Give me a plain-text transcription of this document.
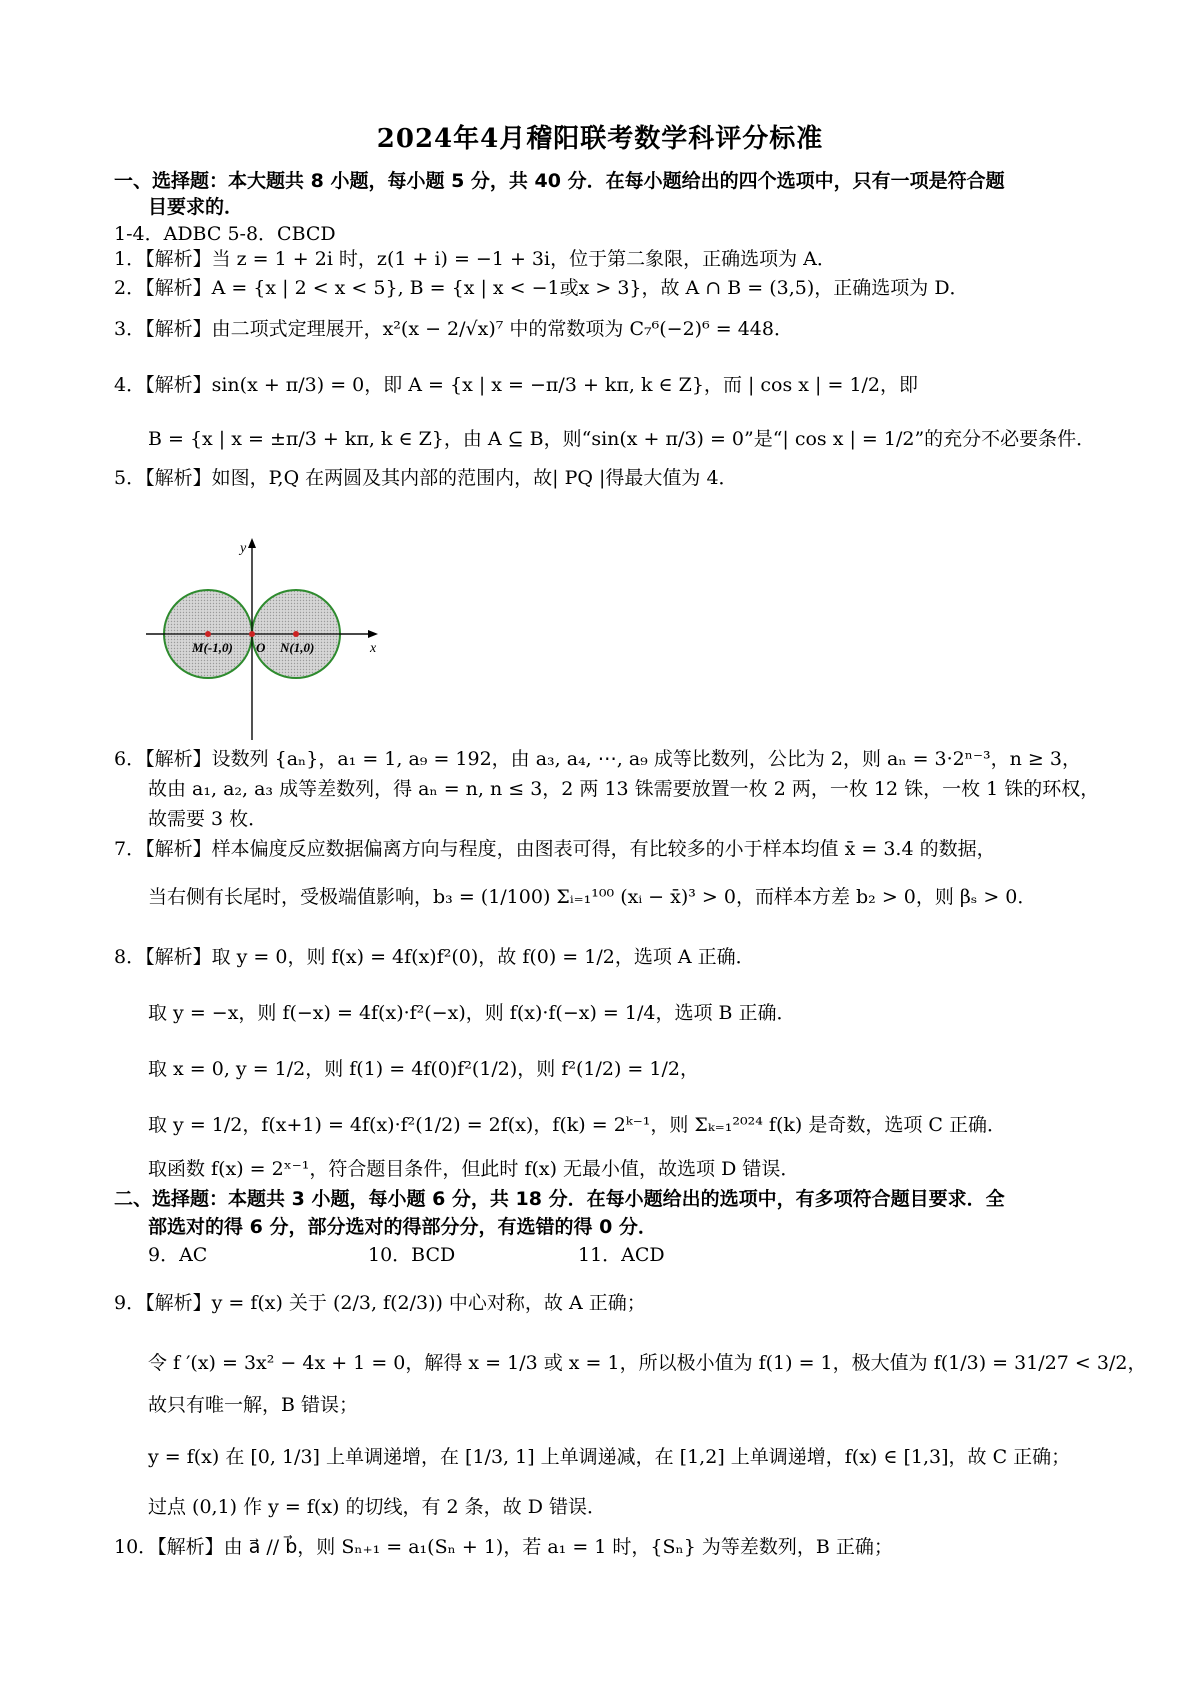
2024年4月稽阳联考数学科评分标准
一、选择题：本大题共 8 小题，每小题 5 分，共 40 分．在每小题给出的四个选项中，只有一项是符合题
目要求的．
1-4．ADBC 5-8．CBCD
1．【解析】当 z = 1 + 2i 时，z(1 + i) = −1 + 3i，位于第二象限，正确选项为 A．
2．【解析】A = {x | 2 < x < 5}, B = {x | x < −1或x > 3}，故 A ∩ B = (3,5)，正确选项为 D．
3．【解析】由二项式定理展开，x²(x − 2/√x)⁷ 中的常数项为 C₇⁶(−2)⁶ = 448．
4．【解析】sin(x + π/3) = 0，即 A = {x | x = −π/3 + kπ, k ∈ Z}，而 | cos x | = 1/2，即
B = {x | x = ±π/3 + kπ, k ∈ Z}，由 A ⊆ B，则“sin(x + π/3) = 0”是“| cos x | = 1/2”的充分不必要条件．
5．【解析】如图，P,Q 在两圆及其内部的范围内，故| PQ |得最大值为 4．
y
x
O
M(-1,0)	N(1,0)
6．【解析】设数列 {aₙ}，a₁ = 1, a₉ = 192，由 a₃, a₄, ⋯, a₉ 成等比数列，公比为 2，则 aₙ = 3·2ⁿ⁻³，n ≥ 3，
故由 a₁, a₂, a₃ 成等差数列，得 aₙ = n, n ≤ 3，2 两 13 铢需要放置一枚 2 两，一枚 12 铢，一枚 1 铢的环权，
故需要 3 枚．
7．【解析】样本偏度反应数据偏离方向与程度，由图表可得，有比较多的小于样本均值 x̄ = 3.4 的数据，
当右侧有长尾时，受极端值影响，b₃ = (1/100) Σᵢ₌₁¹⁰⁰ (xᵢ − x̄)³ > 0，而样本方差 b₂ > 0，则 βₛ > 0．
8．【解析】取 y = 0，则 f(x) = 4f(x)f²(0)，故 f(0) = 1/2，选项 A 正确．
取 y = −x，则 f(−x) = 4f(x)·f²(−x)，则 f(x)·f(−x) = 1/4，选项 B 正确．
取 x = 0, y = 1/2，则 f(1) = 4f(0)f²(1/2)，则 f²(1/2) = 1/2，
取 y = 1/2，f(x+1) = 4f(x)·f²(1/2) = 2f(x)，f(k) = 2ᵏ⁻¹，则 Σₖ₌₁²⁰²⁴ f(k) 是奇数，选项 C 正确．
取函数 f(x) = 2ˣ⁻¹，符合题目条件，但此时 f(x) 无最小值，故选项 D 错误．
二、选择题：本题共 3 小题，每小题 6 分，共 18 分．在每小题给出的选项中，有多项符合题目要求．全
部选对的得 6 分，部分选对的得部分分，有选错的得 0 分．
9．AC	10．BCD	11．ACD
9．【解析】y = f(x) 关于 (2/3, f(2/3)) 中心对称，故 A 正确；
令 f ′(x) = 3x² − 4x + 1 = 0，解得 x = 1/3 或 x = 1，所以极小值为 f(1) = 1，极大值为 f(1/3) = 31/27 < 3/2，
故只有唯一解，B 错误；
y = f(x) 在 [0, 1/3] 上单调递增，在 [1/3, 1] 上单调递减，在 [1,2] 上单调递增，f(x) ∈ [1,3]，故 C 正确；
过点 (0,1) 作 y = f(x) 的切线，有 2 条，故 D 错误．
10．【解析】由 a⃗ // b⃗，则 Sₙ₊₁ = a₁(Sₙ + 1)，若 a₁ = 1 时，{Sₙ} 为等差数列，B 正确；
